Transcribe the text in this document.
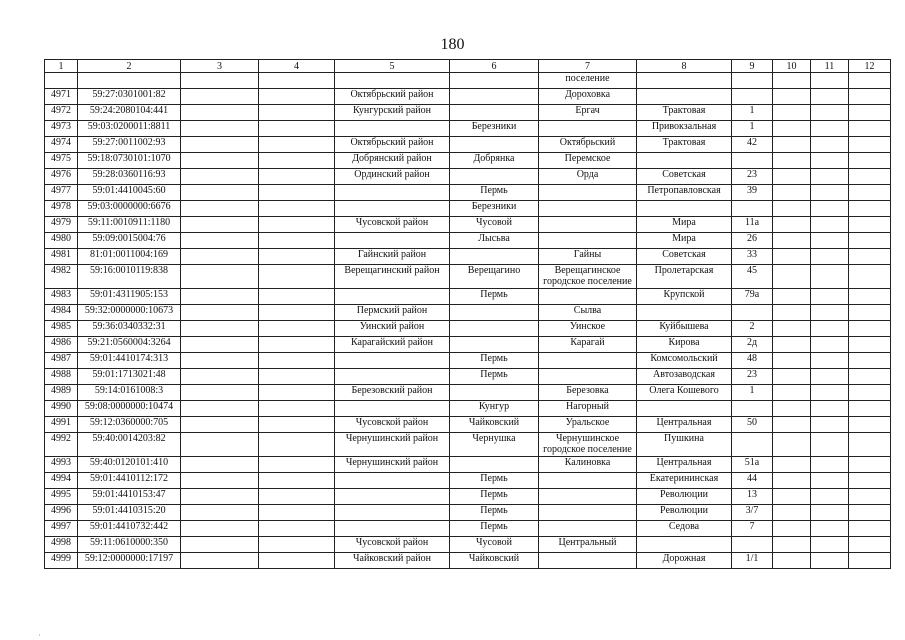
180
1	2	3	4	5	6	7	8	9	10	11	12
						поселение					
4971	59:27:0301001:82			Октябрьский район		Дороховка					
4972	59:24:2080104:441			Кунгурский район		Ергач	Трактовая	1			
4973	59:03:0200011:8811				Березники		Привокзальная	1			
4974	59:27:0011002:93			Октябрьский район		Октябрьский	Трактовая	42			
4975	59:18:0730101:1070			Добрянский район	Добрянка	Перемское					
4976	59:28:0360116:93			Ординский район		Орда	Советская	23			
4977	59:01:4410045:60				Пермь		Петропавловская	39			
4978	59:03:0000000:6676				Березники						
4979	59:11:0010911:1180			Чусовской район	Чусовой		Мира	11а			
4980	59:09:0015004:76				Лысьва		Мира	26			
4981	81:01:0011004:169			Гайнский район		Гайны	Советская	33			
4982	59:16:0010119:838			Верещагинский район	Верещагино	Верещагинское городское поселение	Пролетарская	45			
4983	59:01:4311905:153				Пермь		Крупской	79а			
4984	59:32:0000000:10673			Пермский район		Сылва					
4985	59:36:0340332:31			Уинский район		Уинское	Куйбышева	2			
4986	59:21:0560004:3264			Карагайский район		Карагай	Кирова	2д			
4987	59:01:4410174:313				Пермь		Комсомольский	48			
4988	59:01:1713021:48				Пермь		Автозаводская	23			
4989	59:14:0161008:3			Березовский район		Березовка	Олега Кошевого	1			
4990	59:08:0000000:10474				Кунгур	Нагорный					
4991	59:12:0360000:705			Чусовской район	Чайковский	Уральское	Центральная	50			
4992	59:40:0014203:82			Чернушинский район	Чернушка	Чернушинское городское поселение	Пушкина				
4993	59:40:0120101:410			Чернушинский район		Калиновка	Центральная	51а			
4994	59:01:4410112:172				Пермь		Екатерининская	44			
4995	59:01:4410153:47				Пермь		Революции	13			
4996	59:01:4410315:20				Пермь		Революции	3/7			
4997	59:01:4410732:442				Пермь		Седова	7			
4998	59:11:0610000:350			Чусовской район	Чусовой	Центральный					
4999	59:12:0000000:17197			Чайковский район	Чайковский		Дорожная	1/1			
· ​
